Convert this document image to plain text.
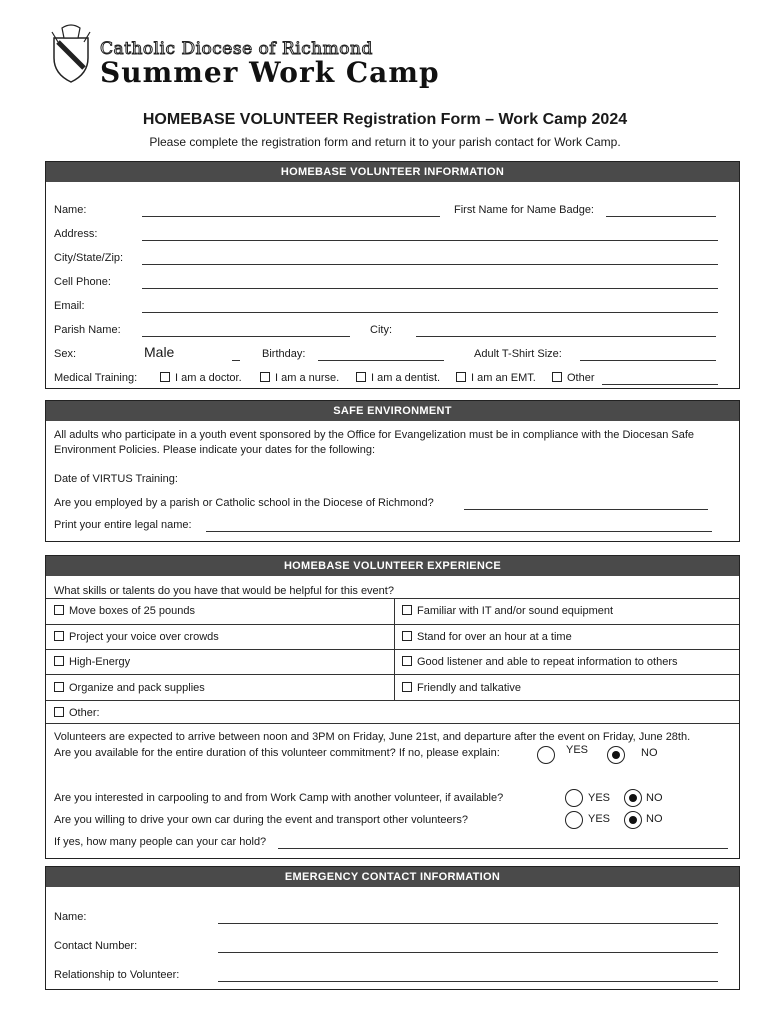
Catholic Diocese of Richmond
Summer Work Camp
HOMEBASE VOLUNTEER Registration Form – Work Camp 2024
Please complete the registration form and return it to your parish contact for Work Camp.
HOMEBASE VOLUNTEER INFORMATION
Name:	First Name for Name Badge:
Address:
City/State/Zip:
Cell Phone:
Email:
Parish Name:	City:
Sex:	Male	Birthday:	Adult T-Shirt Size:
Medical Training:	I am a doctor.	I am a nurse.	I am a dentist.	I am an EMT.	Other
SAFE ENVIRONMENT
All adults who participate in a youth event sponsored by the Office for Evangelization must be in compliance with the Diocesan Safe
Environment Policies. Please indicate your dates for the following:
Date of VIRTUS Training:
Are you employed by a parish or Catholic school in the Diocese of Richmond?
Print your entire legal name:
HOMEBASE VOLUNTEER EXPERIENCE
What skills or talents do you have that would be helpful for this event?
Move boxes of 25 pounds	Familiar with IT and/or sound equipment
Project your voice over crowds	Stand for over an hour at a time
High-Energy	Good listener and able to repeat information to others
Organize and pack supplies	Friendly and talkative
Other:
Volunteers are expected to arrive between noon and 3PM on Friday, June 21st, and departure after the event on Friday, June 28th.
Are you available for the entire duration of this volunteer commitment? If no, please explain:	YES	NO
Are you interested in carpooling to and from Work Camp with another volunteer, if available?	YES	NO
Are you willing to drive your own car during the event and transport other volunteers?	YES	NO
If yes, how many people can your car hold?
EMERGENCY CONTACT INFORMATION
Name:
Contact Number:
Relationship to Volunteer:
